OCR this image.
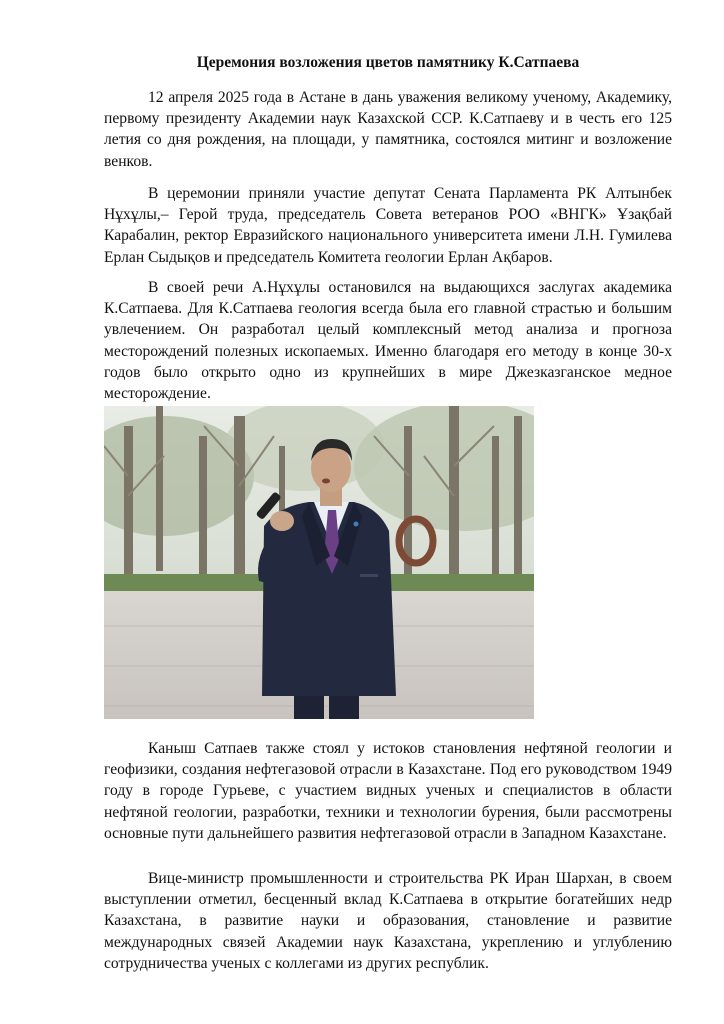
Церемония возложения цветов памятнику К.Сатпаева

12 апреля 2025 года в Астане в дань уважения великому ученому, Академику, первому президенту Академии наук Казахской ССР. К.Сатпаеву и в честь его 125 летия со дня рождения, на площади, у памятника, состоялся митинг и возложение венков.

В церемонии приняли участие депутат Сената Парламента РК Алтынбек Нұхұлы,– Герой труда, председатель Совета ветеранов РОО «ВНГК» Ұзақбай Карабалин, ректор Евразийского национального университета имени Л.Н. Гумилева Ерлан Сыдықов и председатель Комитета геологии Ерлан Ақбаров.

В своей речи А.Нұхұлы остановился на выдающихся заслугах академика К.Сатпаева. Для К.Сатпаева геология всегда была его главной страстью и большим увлечением. Он разработал целый комплексный метод анализа и прогноза месторождений полезных ископаемых. Именно благодаря его методу в конце 30-х годов было открыто одно из крупнейших в мире Джезказганское медное месторождение.

Каныш Сатпаев также стоял у истоков становления нефтяной геологии и геофизики, создания нефтегазовой отрасли в Казахстане. Под его руководством 1949 году в городе Гурьеве, с участием видных ученых и специалистов в области нефтяной геологии, разработки, техники и технологии бурения, были рассмотрены основные пути дальнейшего развития нефтегазовой отрасли в Западном Казахстане.

Вице-министр промышленности и строительства РК Иран Шархан, в своем выступлении отметил, бесценный вклад К.Сатпаева в открытие богатейших недр Казахстана, в развитие науки и образования, становление и развитие международных связей Академии наук Казахстана, укреплению и углублению сотрудничества ученых с коллегами из других республик.
